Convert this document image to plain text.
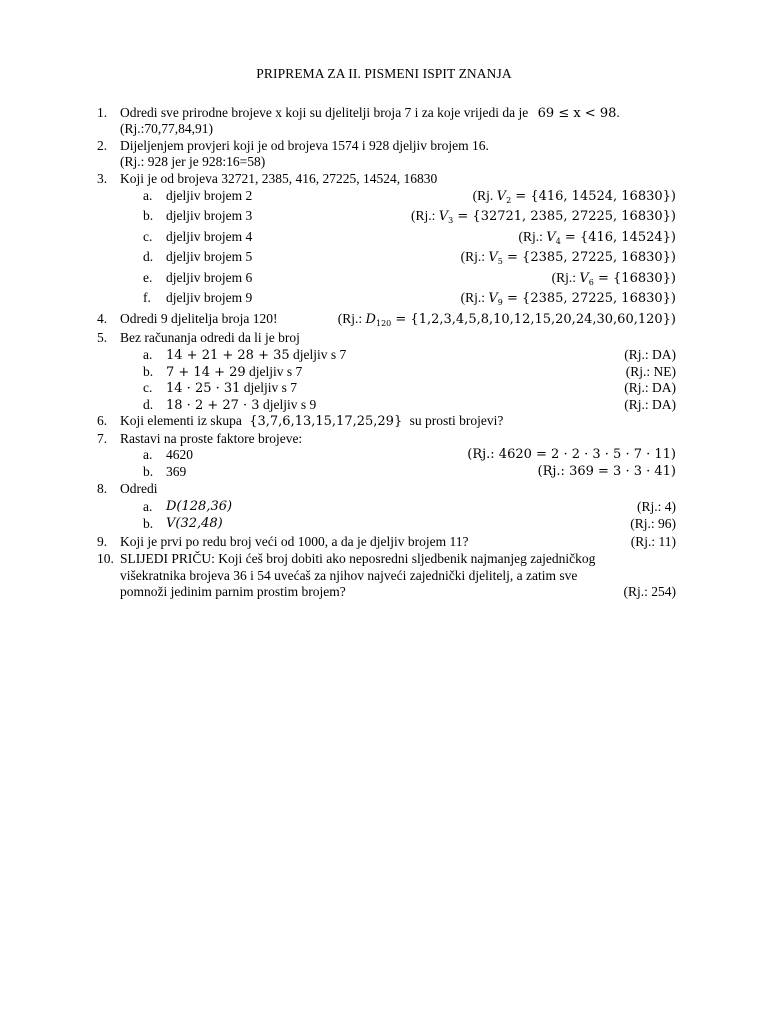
PRIPREMA ZA II. PISMENI ISPIT ZNANJA
1. Odredi sve prirodne brojeve x koji su djelitelji broja 7 i za koje vrijedi da je 69 ≤ x < 98.
(Rj.:70,77,84,91)
2. Dijeljenjem provjeri koji je od brojeva 1574 i 928 djeljiv brojem 16.
(Rj.: 928 jer je 928:16=58)
3. Koji je od brojeva 32721, 2385, 416, 27225, 14524, 16830
a. djeljiv brojem 2	(Rj. $V_2 = \{416$, 14524, 16830})
b. djeljiv brojem 3	(Rj.: $V_3 = \{32721$, 2385, 27225, 16830})
c. djeljiv brojem 4	(Rj.: $V_4 = \{416$, 14524})
d. djeljiv brojem 5	(Rj.: $V_5 = \{2385$, 27225, 16830})
e. djeljiv brojem 6	(Rj.: $V_6 = \{16830\}$)
f. djeljiv brojem 9	(Rj.: $V_9 = \{2385$, 27225, 16830})
4. Odredi 9 djelitelja broja 120!	(Rj.: $D_{120} = \{1,2,3,4,5,8,10,12,15,20,24,30,60,120\}$)
5. Bez računanja odredi da li je broj
a. 14 + 21 + 28 + 35 djeljiv s 7	(Rj.: DA)
b. 7 + 14 + 29 djeljiv s 7	(Rj.: NE)
c. 14 · 25 · 31 djeljiv s 7	(Rj.: DA)
d. 18 · 2 + 27 · 3 djeljiv s 9	(Rj.: DA)
6. Koji elementi iz skupa {3,7,6,13,15,17,25,29} su prosti brojevi?
7. Rastavi na proste faktore brojeve:
a. 4620	(Rj.: 4620 = 2 · 2 · 3 · 5 · 7 · 11)
b. 369	(Rj.: 369 = 3 · 3 · 41)
8. Odredi
a. D(128,36)	(Rj.: 4)
b. V(32,48)	(Rj.: 96)
9. Koji je prvi po redu broj veći od 1000, a da je djeljiv brojem 11?	(Rj.: 11)
10. SLIJEDI PRIČU: Koji ćeš broj dobiti ako neposredni sljedbenik najmanjeg zajedničkog
višekratnika brojeva 36 i 54 uvećaš za njihov najveći zajednički djelitelj, a zatim sve
pomnoži jedinim parnim prostim brojem?	(Rj.: 254)
